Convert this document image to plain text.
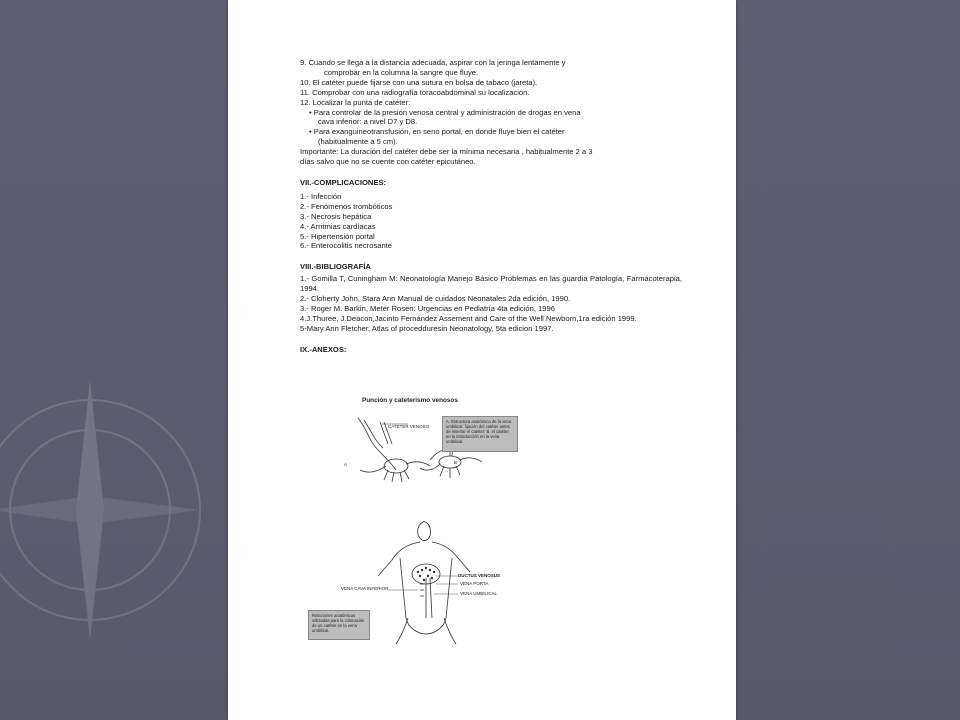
9. Cuando se llega a la distancia adecuada, aspirar con la jeringa lentamente y
comprobar en la columna la sangre que fluye.

10. El catéter puede fijarse con una sutura en bolsa de tabaco (jareta).

11. Comprobar con una radiografía toracoabdominal su localización.

12. Localizar la punta de catéter:

• Para controlar de la presión venosa central y administración de drogas en vena
cava inferior: a nivel D7 y D8.

• Para exanguineotransfusión, en seno portal, en donde fluye bien el catéter
(habitualmente a 5 cm).

Importante: La duración del catéter debe ser la mínima necesaria , habitualmente 2 a 3
días salvo que no se cuente con catéter epicutáneo.

VII.-COMPLICACIONES:

1.- Infección

2.- Fenómenos trombóticos

3.- Necrosis hepática

4.- Arritmias cardíacas

5.- Hipertensión portal

6.- Enterocolitis necrosante

VIII.-BIBLIOGRAFÍA

1.- Gomilla T, Cuningham M: Neonatología Manejo Básico Problemas en las guardia Patología, Farmacoterapia, 1994.

2.- Cloherty John, Stara Ann Manual de cuidados Neonatales 2da edición, 1990.

3.- Roger M. Barkin, Meter Rosen: Urgencias en Pediatría 4ta edición, 1996

4.J.Thuree, J.Deacon,Jacinto Fernández Assement and Care of the Well Newborn,1ra edición 1999.

5-Mary Ann Fletcher, Atlas of procedduresin Neonatology, 5ta edicion 1997.

IX.-ANEXOS:

Punción y cateterismo venosos
CATETER VENOSO
A	B
A. Estructura anatómica de la vena umbilical: fijación del catéter antes de insertar el catéter; B. el catéter en la introducción en la vena umbilical.
DUCTUS VENOSUS
VENA PORTA
VENA UMBILICAL
VENA CAVA INFERIOR
Relaciones anatómicas utilizadas para la colocación de un catéter en la vena umbilical.
